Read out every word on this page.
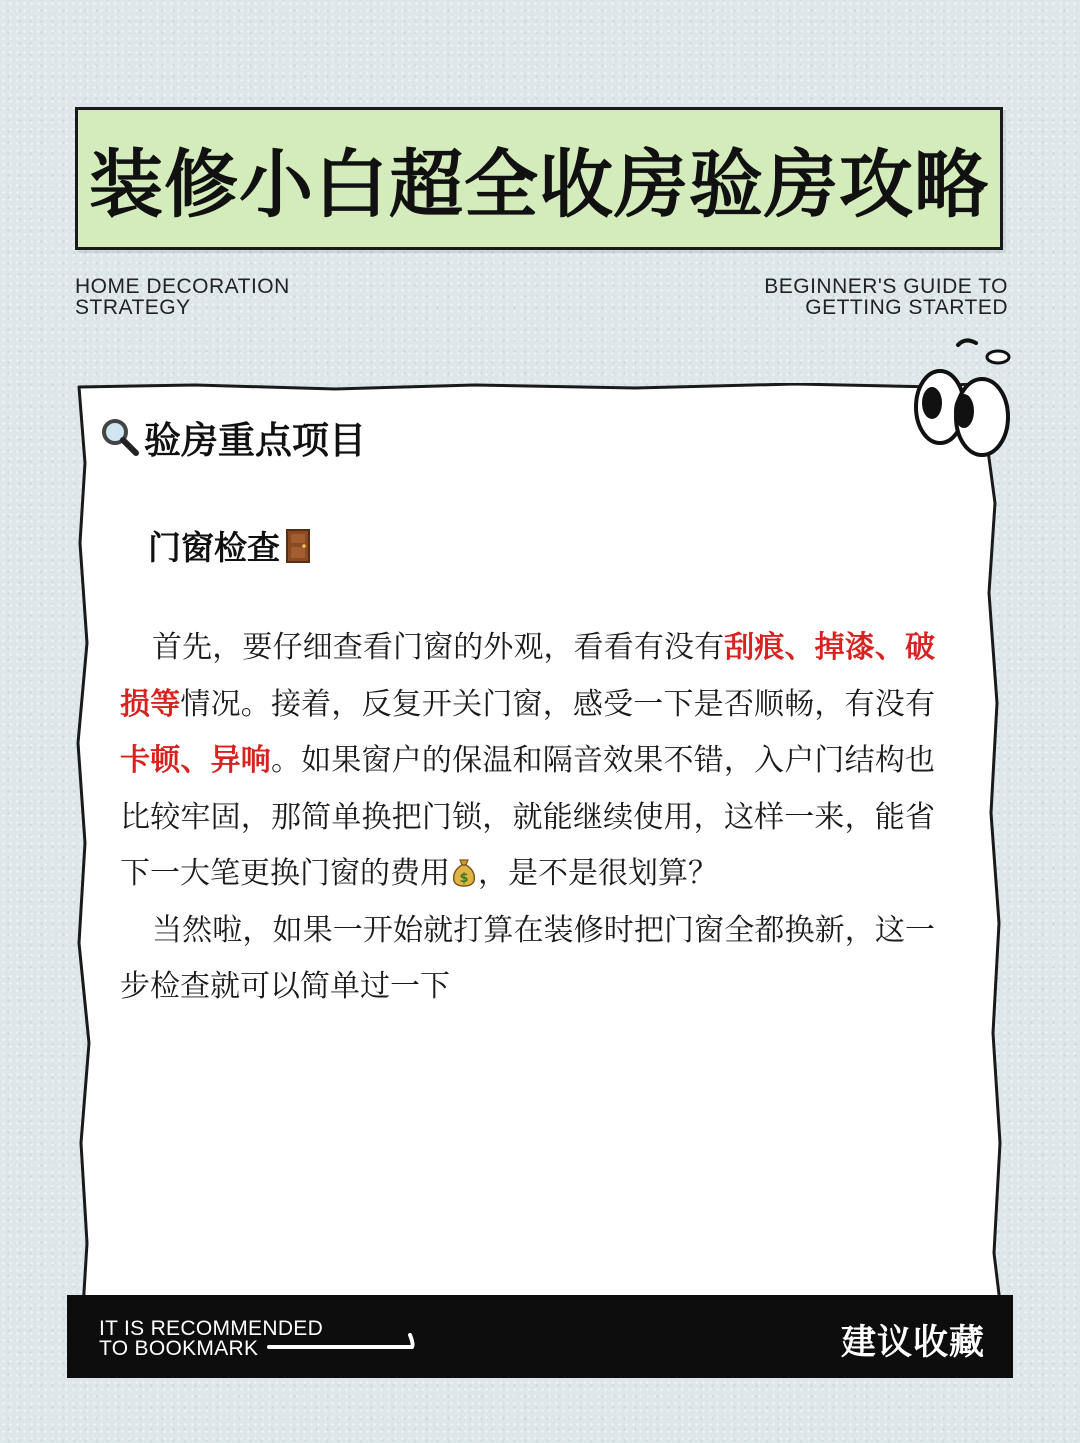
装修小白超全收房验房攻略
HOME DECORATION
STRATEGY
BEGINNER'S GUIDE TO
GETTING STARTED
验房重点项目
门窗检查

首先，要仔细查看门窗的外观，看看有没有刮痕、掉漆、破损等情况。接着，反复开关门窗，感受一下是否顺畅，有没有卡顿、异响。如果窗户的保温和隔音效果不错，入户门结构也比较牢固，那简单换把门锁，就能继续使用，这样一来，能省下一大笔更换门窗的费用 $ ，是不是很划算？

当然啦，如果一开始就打算在装修时把门窗全都换新，这一步检查就可以简单过一下

IT IS RECOMMENDED
TO BOOKMARK	建议收藏
